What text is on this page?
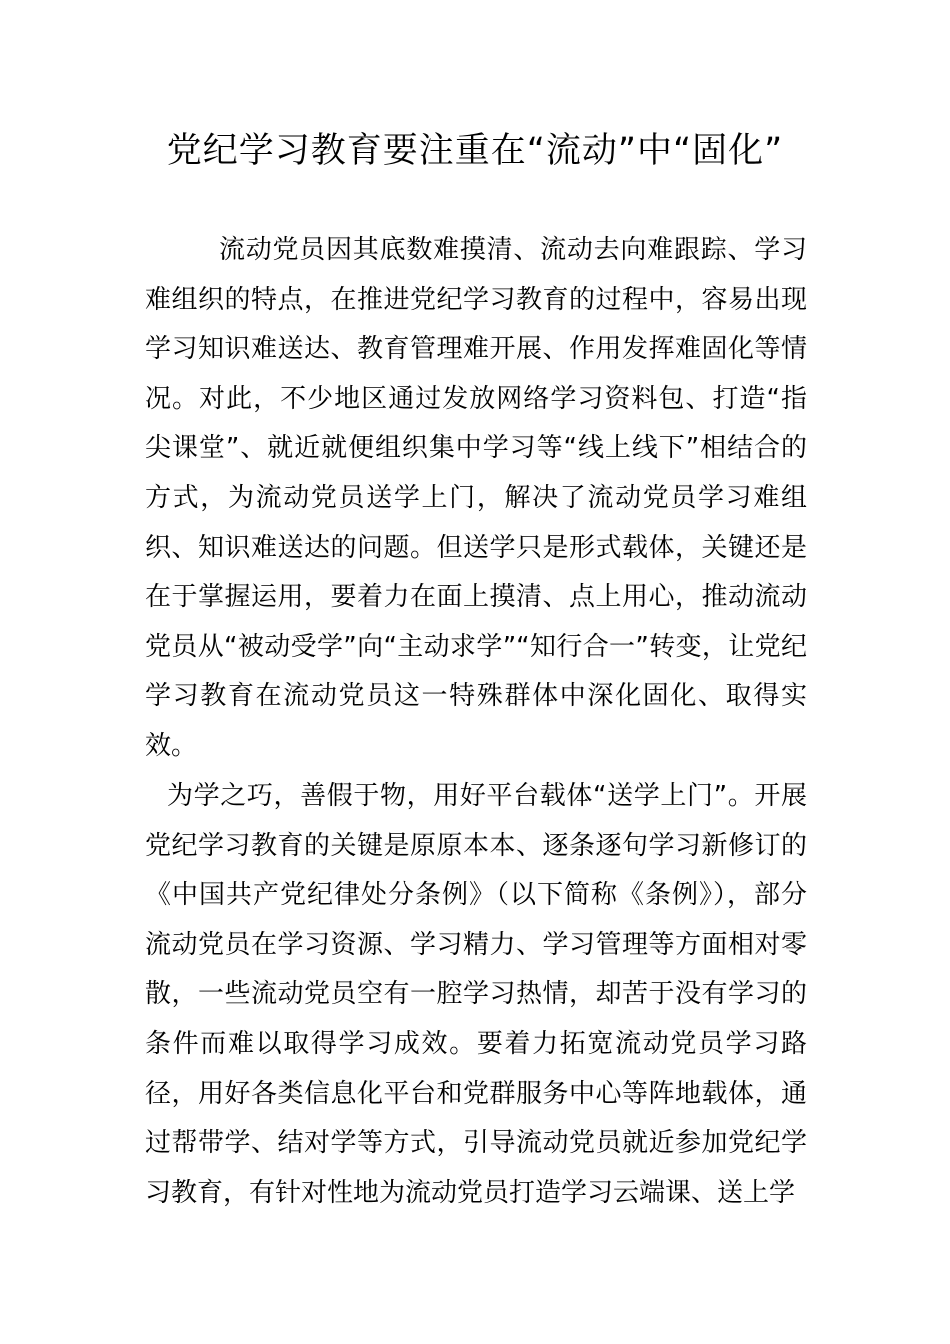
党纪学习教育要注重在“流动”中“固化”

流动党员因其底数难摸清、流动去向难跟踪、学习难组织的特点，在推进党纪学习教育的过程中，容易出现学习知识难送达、教育管理难开展、作用发挥难固化等情况。对此，不少地区通过发放网络学习资料包、打造“指尖课堂”、就近就便组织集中学习等“线上线下”相结合的方式，为流动党员送学上门，解决了流动党员学习难组织、知识难送达的问题。但送学只是形式载体，关键还是在于掌握运用，要着力在面上摸清、点上用心，推动流动党员从“被动受学”向“主动求学”“知行合一”转变，让党纪学习教育在流动党员这一特殊群体中深化固化、取得实效。

为学之巧，善假于物，用好平台载体“送学上门”。开展党纪学习教育的关键是原原本本、逐条逐句学习新修订的《中国共产党纪律处分条例》（以下简称《条例》），部分流动党员在学习资源、学习精力、学习管理等方面相对零散，一些流动党员空有一腔学习热情，却苦于没有学习的条件而难以取得学习成效。要着力拓宽流动党员学习路径，用好各类信息化平台和党群服务中心等阵地载体，通过帮带学、结对学等方式，引导流动党员就近参加党纪学习教育，有针对性地为流动党员打造学习云端课、送上学
